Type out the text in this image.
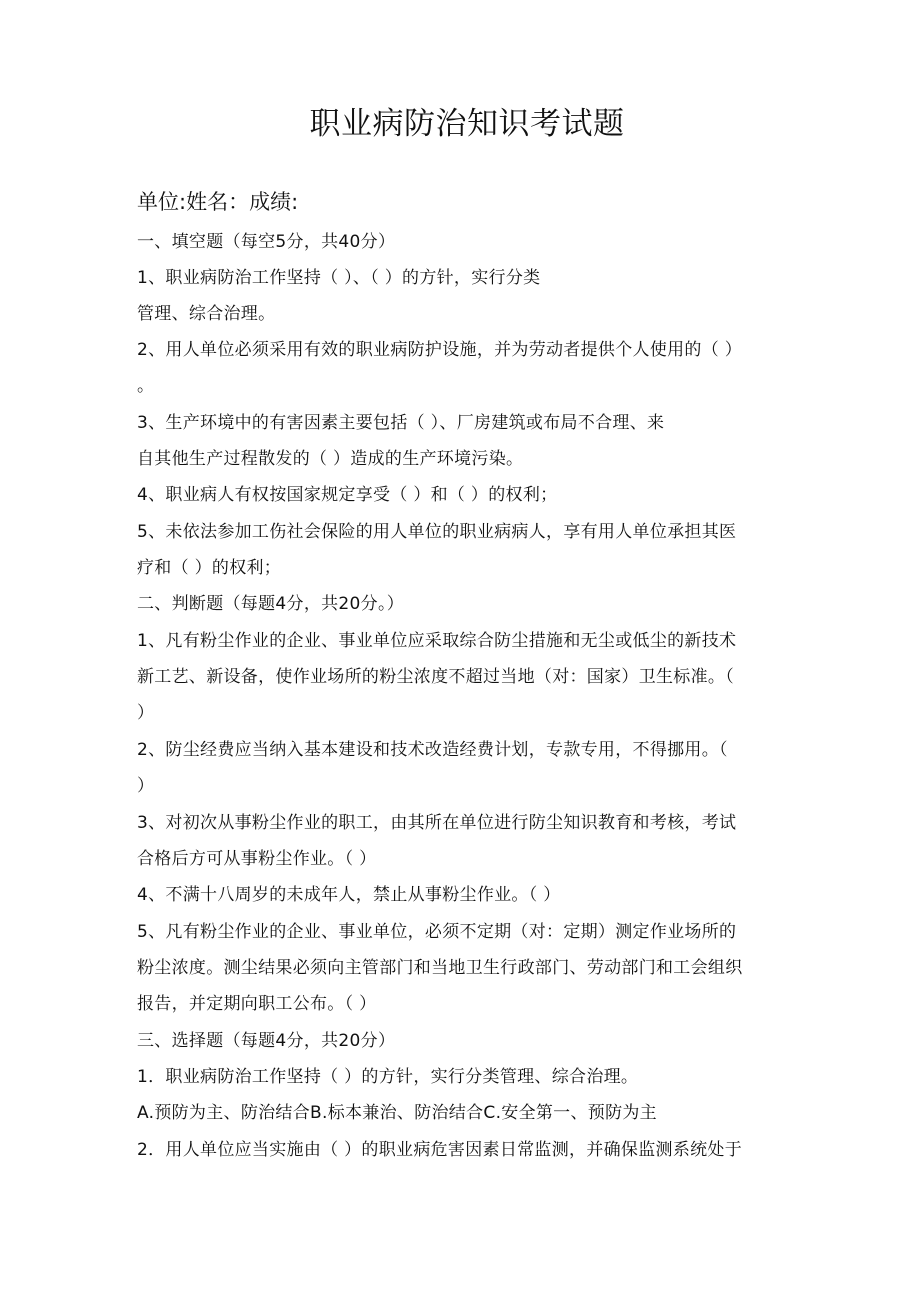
职业病防治知识考试题
单位:姓名：成绩:
一、填空题（每空5分，共40分）
1、职业病防治工作坚持（ ）、（ ）的方针，实行分类
管理、综合治理。
2、用人单位必须采用有效的职业病防护设施，并为劳动者提供个人使用的（ ）
。
3、生产环境中的有害因素主要包括（ ）、厂房建筑或布局不合理、来
自其他生产过程散发的（ ）造成的生产环境污染。
4、职业病人有权按国家规定享受（ ）和（ ）的权利；
5、未依法参加工伤社会保险的用人单位的职业病病人，享有用人单位承担其医
疗和（ ）的权利；
二、判断题（每题4分，共20分。）
1、凡有粉尘作业的企业、事业单位应采取综合防尘措施和无尘或低尘的新技术
新工艺、新设备，使作业场所的粉尘浓度不超过当地（对：国家）卫生标准。（
）
2、防尘经费应当纳入基本建设和技术改造经费计划，专款专用，不得挪用。（
）
3、对初次从事粉尘作业的职工，由其所在单位进行防尘知识教育和考核，考试
合格后方可从事粉尘作业。（ ）
4、不满十八周岁的未成年人，禁止从事粉尘作业。（ ）
5、凡有粉尘作业的企业、事业单位，必须不定期（对：定期）测定作业场所的
粉尘浓度。测尘结果必须向主管部门和当地卫生行政部门、劳动部门和工会组织
报告，并定期向职工公布。（ ）
三、选择题（每题4分，共20分）
1．职业病防治工作坚持（ ）的方针，实行分类管理、综合治理。
A.预防为主、防治结合B.标本兼治、防治结合C.安全第一、预防为主
2．用人单位应当实施由（ ）的职业病危害因素日常监测，并确保监测系统处于
